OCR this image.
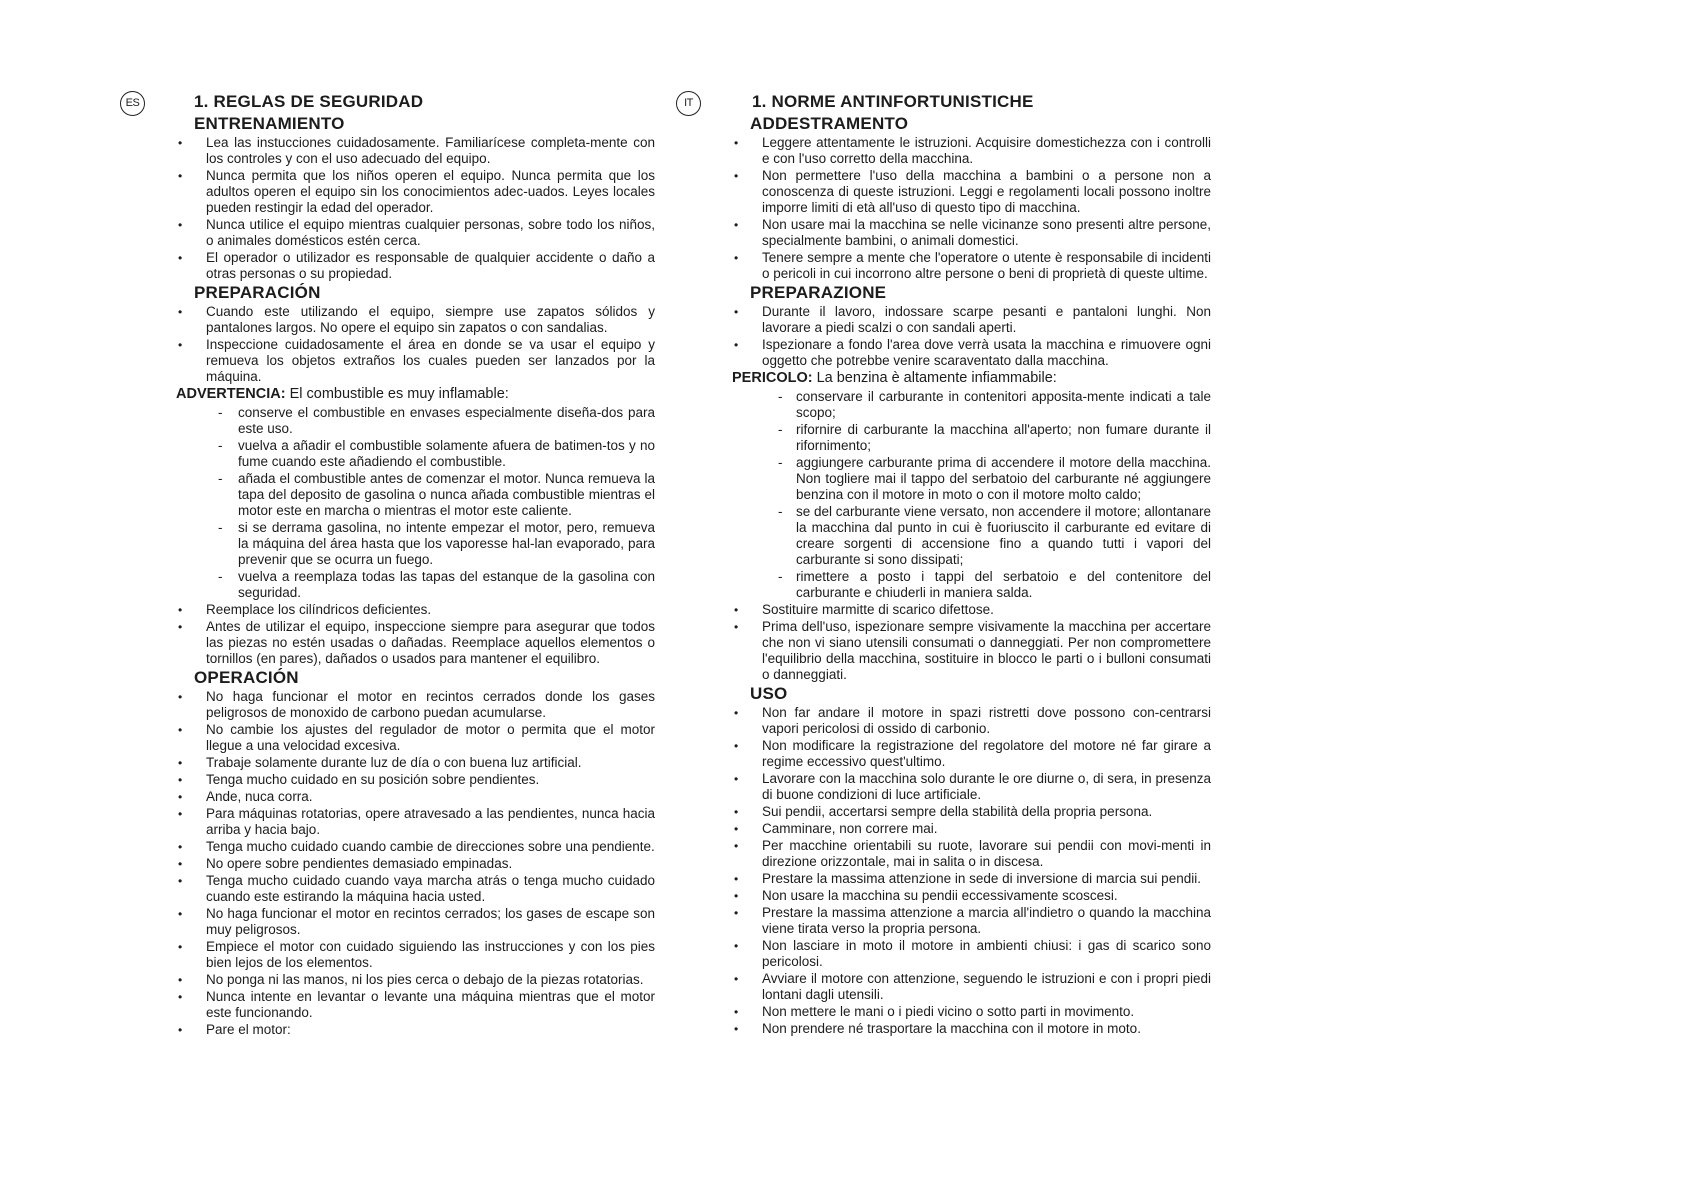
ES	1. REGLAS DE SEGURIDAD
ENTRENAMIENTO
• Lea las instucciones cuidadosamente. Familiarícese completa-mente con los controles y con el uso adecuado del equipo.
• Nunca permita que los niños operen el equipo. Nunca permita que los adultos operen el equipo sin los conocimientos adec-uados. Leyes locales pueden restingir la edad del operador.
• Nunca utilice el equipo mientras cualquier personas, sobre todo los niños, o animales domésticos estén cerca.
• El operador o utilizador es responsable de qualquier accidente o daño a otras personas o su propiedad.
PREPARACIÓN
• Cuando este utilizando el equipo, siempre use zapatos sólidos y pantalones largos. No opere el equipo sin zapatos o con sandalias.
• Inspeccione cuidadosamente el área en donde se va usar el equipo y remueva los objetos extraños los cuales pueden ser lanzados por la máquina.
ADVERTENCIA: El combustible es muy inflamable:
- conserve el combustible en envases especialmente diseña-dos para este uso.
- vuelva a añadir el combustible solamente afuera de batimen-tos y no fume cuando este añadiendo el combustible.
- añada el combustible antes de comenzar el motor. Nunca remueva la tapa del deposito de gasolina o nunca añada combustible mientras el motor este en marcha o mientras el motor este caliente.
- si se derrama gasolina, no intente empezar el motor, pero, remueva la máquina del área hasta que los vaporesse hal-lan evaporado, para prevenir que se ocurra un fuego.
- vuelva a reemplaza todas las tapas del estanque de la gasolina con seguridad.
• Reemplace los cilíndricos deficientes.
• Antes de utilizar el equipo, inspeccione siempre para asegurar que todos las piezas no estén usadas o dañadas. Reemplace aquellos elementos o tornillos (en pares), dañados o usados para mantener el equilibro.
OPERACIÓN
• No haga funcionar el motor en recintos cerrados donde los gases peligrosos de monoxido de carbono puedan acumularse.
• No cambie los ajustes del regulador de motor o permita que el motor llegue a una velocidad excesiva.
• Trabaje solamente durante luz de día o con buena luz artificial.
• Tenga mucho cuidado en su posición sobre pendientes.
• Ande, nuca corra.
• Para máquinas rotatorias, opere atravesado a las pendientes, nunca hacia arriba y hacia bajo.
• Tenga mucho cuidado cuando cambie de direcciones sobre una pendiente.
• No opere sobre pendientes demasiado empinadas.
• Tenga mucho cuidado cuando vaya marcha atrás o tenga mucho cuidado cuando este estirando la máquina hacia usted.
• No haga funcionar el motor en recintos cerrados; los gases de escape son muy peligrosos.
• Empiece el motor con cuidado siguiendo las instrucciones y con los pies bien lejos de los elementos.
• No ponga ni las manos, ni los pies cerca o debajo de la piezas rotatorias.
• Nunca intente en levantar o levante una máquina mientras que el motor este funcionando.
• Pare el motor:
IT	1. NORME ANTINFORTUNISTICHE
ADDESTRAMENTO
• Leggere attentamente le istruzioni. Acquisire domestichezza con i controlli e con l'uso corretto della macchina.
• Non permettere l'uso della macchina a bambini o a persone non a conoscenza di queste istruzioni. Leggi e regolamenti locali possono inoltre imporre limiti di età all'uso di questo tipo di macchina.
• Non usare mai la macchina se nelle vicinanze sono presenti altre persone, specialmente bambini, o animali domestici.
• Tenere sempre a mente che l'operatore o utente è responsabile di incidenti o pericoli in cui incorrono altre persone o beni di proprietà di queste ultime.
PREPARAZIONE
• Durante il lavoro, indossare scarpe pesanti e pantaloni lunghi. Non lavorare a piedi scalzi o con sandali aperti.
• Ispezionare a fondo l'area dove verrà usata la macchina e rimuovere ogni oggetto che potrebbe venire scaraventato dalla macchina.
PERICOLO: La benzina è altamente infiammabile:
- conservare il carburante in contenitori apposita-mente indicati a tale scopo;
- rifornire di carburante la macchina all'aperto; non fumare durante il rifornimento;
- aggiungere carburante prima di accendere il motore della macchina. Non togliere mai il tappo del serbatoio del carburante né aggiungere benzina con il motore in moto o con il motore molto caldo;
- se del carburante viene versato, non accendere il motore; allontanare la macchina dal punto in cui è fuoriuscito il carburante ed evitare di creare sorgenti di accensione fino a quando tutti i vapori del carburante si sono dissipati;
- rimettere a posto i tappi del serbatoio e del contenitore del carburante e chiuderli in maniera salda.
• Sostituire marmitte di scarico difettose.
• Prima dell'uso, ispezionare sempre visivamente la macchina per accertare che non vi siano utensili consumati o danneggiati. Per non compromettere l'equilibrio della macchina, sostituire in blocco le parti o i bulloni consumati o danneggiati.
USO
• Non far andare il motore in spazi ristretti dove possono con-centrarsi vapori pericolosi di ossido di carbonio.
• Non modificare la registrazione del regolatore del motore né far girare a regime eccessivo quest'ultimo.
• Lavorare con la macchina solo durante le ore diurne o, di sera, in presenza di buone condizioni di luce artificiale.
• Sui pendii, accertarsi sempre della stabilità della propria persona.
• Camminare, non correre mai.
• Per macchine orientabili su ruote, lavorare sui pendii con movi-menti in direzione orizzontale, mai in salita o in discesa.
• Prestare la massima attenzione in sede di inversione di marcia sui pendii.
• Non usare la macchina su pendii eccessivamente scoscesi.
• Prestare la massima attenzione a marcia all'indietro o quando la macchina viene tirata verso la propria persona.
• Non lasciare in moto il motore in ambienti chiusi: i gas di scarico sono pericolosi.
• Avviare il motore con attenzione, seguendo le istruzioni e con i propri piedi lontani dagli utensili.
• Non mettere le mani o i piedi vicino o sotto parti in movimento.
• Non prendere né trasportare la macchina con il motore in moto.
